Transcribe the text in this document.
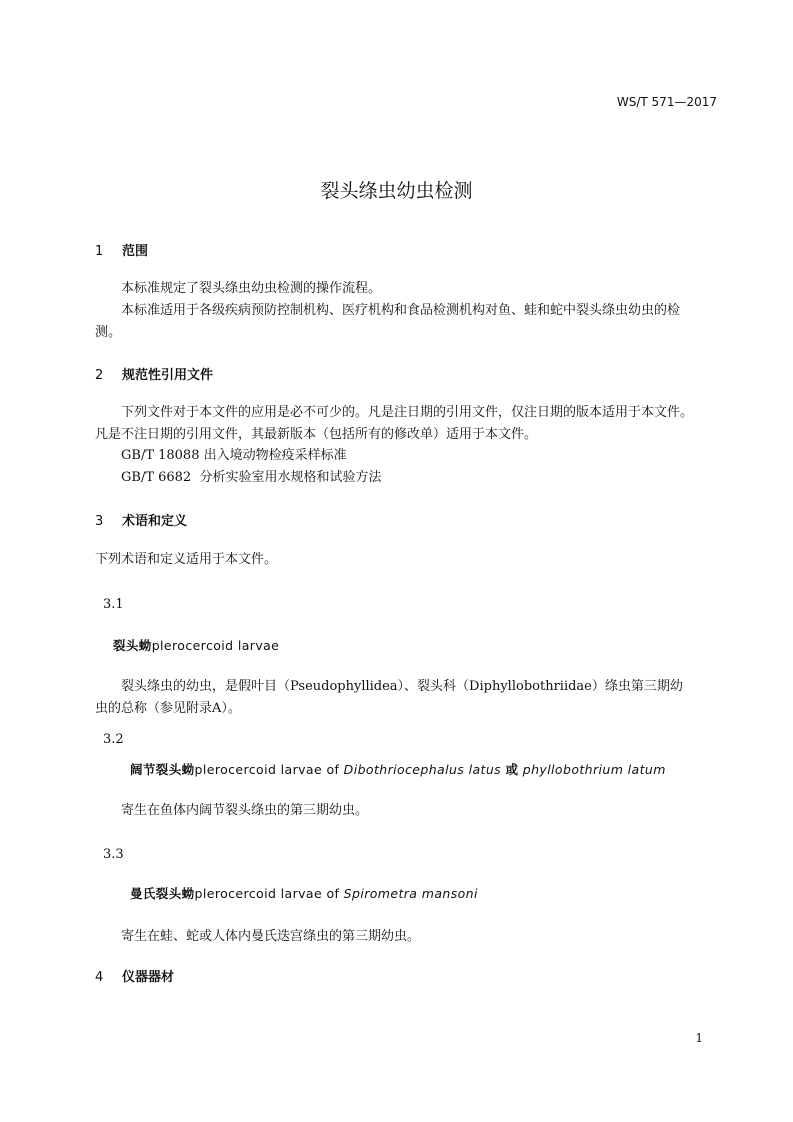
WS/T 571—2017
裂头绦虫幼虫检测
1 范围
本标准规定了裂头绦虫幼虫检测的操作流程。
本标准适用于各级疾病预防控制机构、医疗机构和食品检测机构对鱼、蛙和蛇中裂头绦虫幼虫的检
测。
2 规范性引用文件
下列文件对于本文件的应用是必不可少的。凡是注日期的引用文件，仅注日期的版本适用于本文件。
凡是不注日期的引用文件，其最新版本（包括所有的修改单）适用于本文件。
GB/T 18088 出入境动物检疫采样标准
GB/T 6682  分析实验室用水规格和试验方法
3 术语和定义
下列术语和定义适用于本文件。
3.1
裂头蚴plerocercoid larvae
裂头绦虫的幼虫，是假叶目（Pseudophyllidea）、裂头科（Diphyllobothriidae）绦虫第三期幼
虫的总称（参见附录A）。
3.2
阔节裂头蚴plerocercoid larvae of Dibothriocephalus latus 或 phyllobothrium latum
寄生在鱼体内阔节裂头绦虫的第三期幼虫。
3.3
曼氏裂头蚴plerocercoid larvae of Spirometra mansoni
寄生在蛙、蛇或人体内曼氏迭宫绦虫的第三期幼虫。
4 仪器器材
1
